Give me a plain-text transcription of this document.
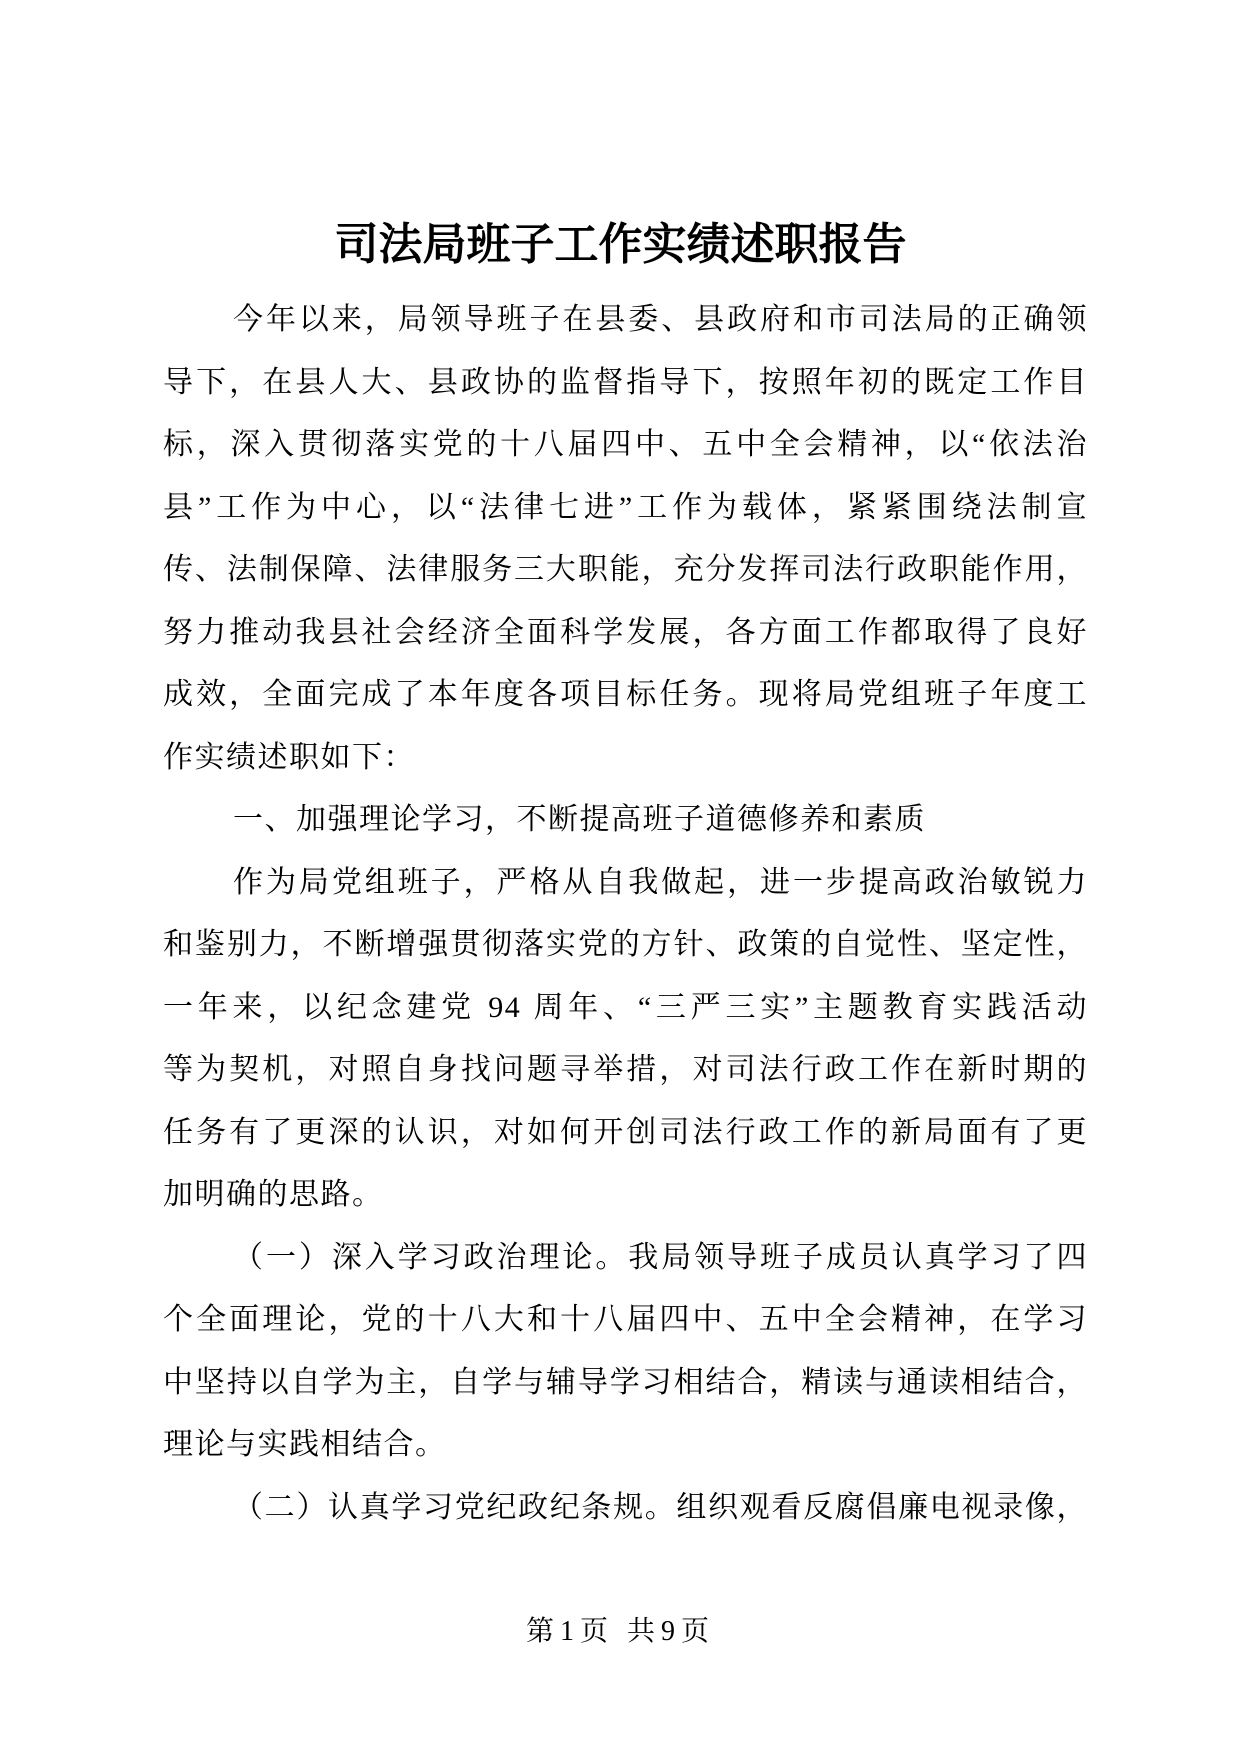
司法局班子工作实绩述职报告
今年以来，局领导班子在县委、县政府和市司法局的正确领
导下，在县人大、县政协的监督指导下，按照年初的既定工作目
标，深入贯彻落实党的十八届四中、五中全会精神，以“依法治
县”工作为中心，以“法律七进”工作为载体，紧紧围绕法制宣
传、法制保障、法律服务三大职能，充分发挥司法行政职能作用，
努力推动我县社会经济全面科学发展，各方面工作都取得了良好
成效，全面完成了本年度各项目标任务。现将局党组班子年度工
作实绩述职如下：
一、加强理论学习，不断提高班子道德修养和素质
作为局党组班子，严格从自我做起，进一步提高政治敏锐力
和鉴别力，不断增强贯彻落实党的方针、政策的自觉性、坚定性，
一年来，以纪念建党 94 周年、“三严三实”主题教育实践活动
等为契机，对照自身找问题寻举措，对司法行政工作在新时期的
任务有了更深的认识，对如何开创司法行政工作的新局面有了更
加明确的思路。
（一）深入学习政治理论。我局领导班子成员认真学习了四
个全面理论，党的十八大和十八届四中、五中全会精神，在学习
中坚持以自学为主，自学与辅导学习相结合，精读与通读相结合，
理论与实践相结合。
（二）认真学习党纪政纪条规。组织观看反腐倡廉电视录像，
第1页 共9页
